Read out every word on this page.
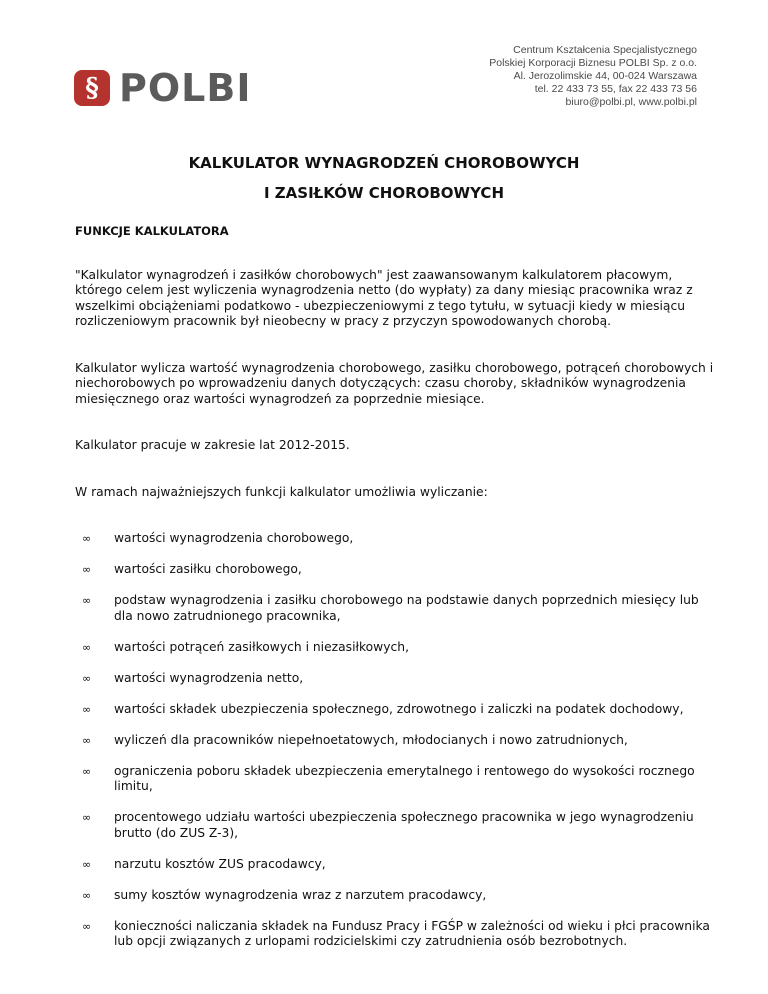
§ POLBI
Centrum Kształcenia Specjalistycznego
Polskiej Korporacji Biznesu POLBI Sp. z o.o.
Al. Jerozolimskie 44, 00-024 Warszawa
tel. 22 433 73 55, fax 22 433 73 56
biuro@polbi.pl, www.polbi.pl
KALKULATOR WYNAGRODZEŃ CHOROBOWYCH
I ZASIŁKÓW CHOROBOWYCH
FUNKCJE KALKULATORA

"Kalkulator wynagrodzeń i zasiłków chorobowych" jest zaawansowanym kalkulatorem płacowym, którego celem jest wyliczenia wynagrodzenia netto (do wypłaty) za dany miesiąc pracownika wraz z wszelkimi obciążeniami podatkowo - ubezpieczeniowymi z tego tytułu, w sytuacji kiedy w miesiącu rozliczeniowym pracownik był nieobecny w pracy z przyczyn spowodowanych chorobą.

Kalkulator wylicza wartość wynagrodzenia chorobowego, zasiłku chorobowego, potrąceń chorobowych i niechorobowych po wprowadzeniu danych dotyczących: czasu choroby, składników wynagrodzenia miesięcznego oraz wartości wynagrodzeń za poprzednie miesiące.

Kalkulator pracuje w zakresie lat 2012-2015.

W ramach najważniejszych funkcji kalkulator umożliwia wyliczanie:

∞ wartości wynagrodzenia chorobowego,
∞ wartości zasiłku chorobowego,
∞ podstaw wynagrodzenia i zasiłku chorobowego na podstawie danych poprzednich miesięcy lub dla nowo zatrudnionego pracownika,
∞ wartości potrąceń zasiłkowych i niezasiłkowych,
∞ wartości wynagrodzenia netto,
∞ wartości składek ubezpieczenia społecznego, zdrowotnego i zaliczki na podatek dochodowy,
∞ wyliczeń dla pracowników niepełnoetatowych, młodocianych i nowo zatrudnionych,
∞ ograniczenia poboru składek ubezpieczenia emerytalnego i rentowego do wysokości rocznego limitu,
∞ procentowego udziału wartości ubezpieczenia społecznego pracownika w jego wynagrodzeniu brutto (do ZUS Z-3),
∞ narzutu kosztów ZUS pracodawcy,
∞ sumy kosztów wynagrodzenia wraz z narzutem pracodawcy,
∞ konieczności naliczania składek na Fundusz Pracy i FGŚP w zależności od wieku i płci pracownika lub opcji związanych z urlopami rodzicielskimi czy zatrudnienia osób bezrobotnych.
